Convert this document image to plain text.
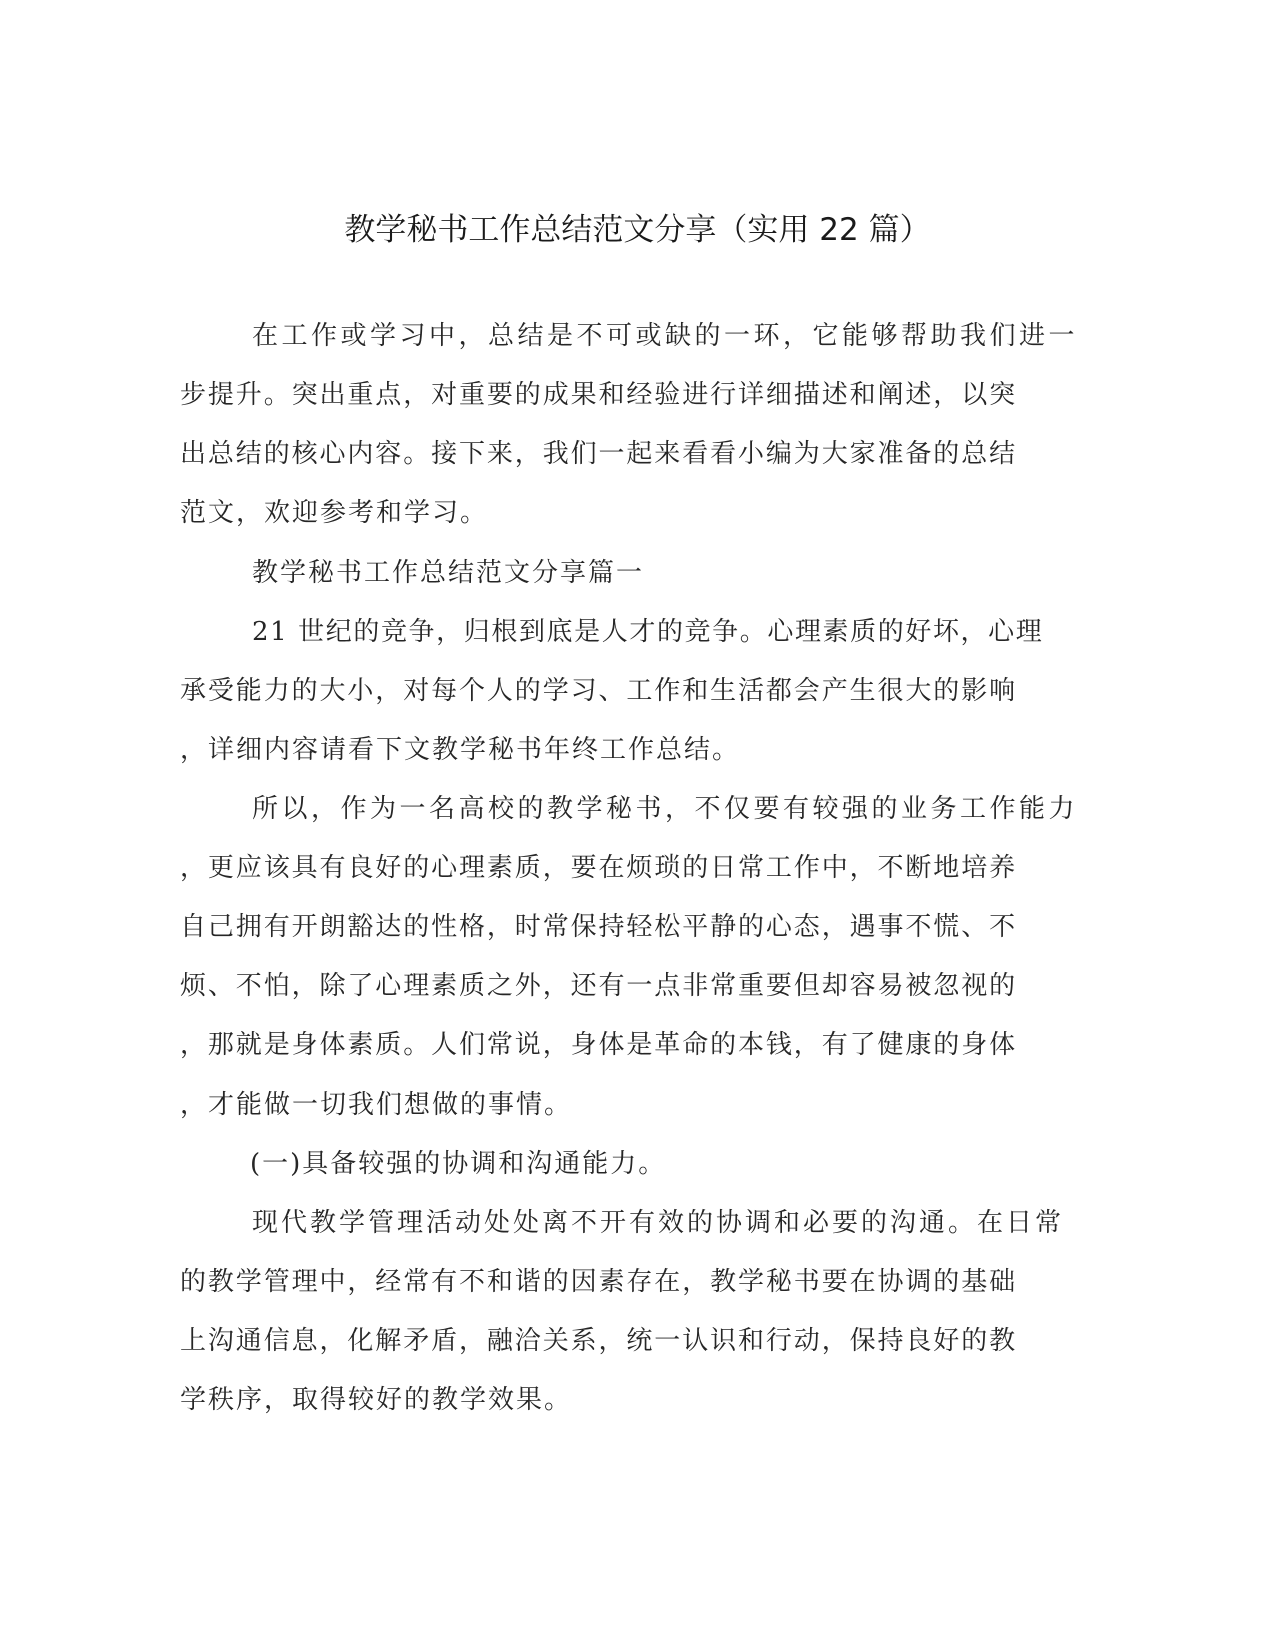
教学秘书工作总结范文分享（实用 22 篇）
在工作或学习中，总结是不可或缺的一环，它能够帮助我们进一
步提升。突出重点，对重要的成果和经验进行详细描述和阐述，以突
出总结的核心内容。接下来，我们一起来看看小编为大家准备的总结
范文，欢迎参考和学习。
教学秘书工作总结范文分享篇一
21 世纪的竞争，归根到底是人才的竞争。心理素质的好坏，心理
承受能力的大小，对每个人的学习、工作和生活都会产生很大的影响
，详细内容请看下文教学秘书年终工作总结。
所以，作为一名高校的教学秘书，不仅要有较强的业务工作能力
，更应该具有良好的心理素质，要在烦琐的日常工作中，不断地培养
自己拥有开朗豁达的性格，时常保持轻松平静的心态，遇事不慌、不
烦、不怕，除了心理素质之外，还有一点非常重要但却容易被忽视的
，那就是身体素质。人们常说，身体是革命的本钱，有了健康的身体
，才能做一切我们想做的事情。
(一)具备较强的协调和沟通能力。
现代教学管理活动处处离不开有效的协调和必要的沟通。在日常
的教学管理中，经常有不和谐的因素存在，教学秘书要在协调的基础
上沟通信息，化解矛盾，融洽关系，统一认识和行动，保持良好的教
学秩序，取得较好的教学效果。
